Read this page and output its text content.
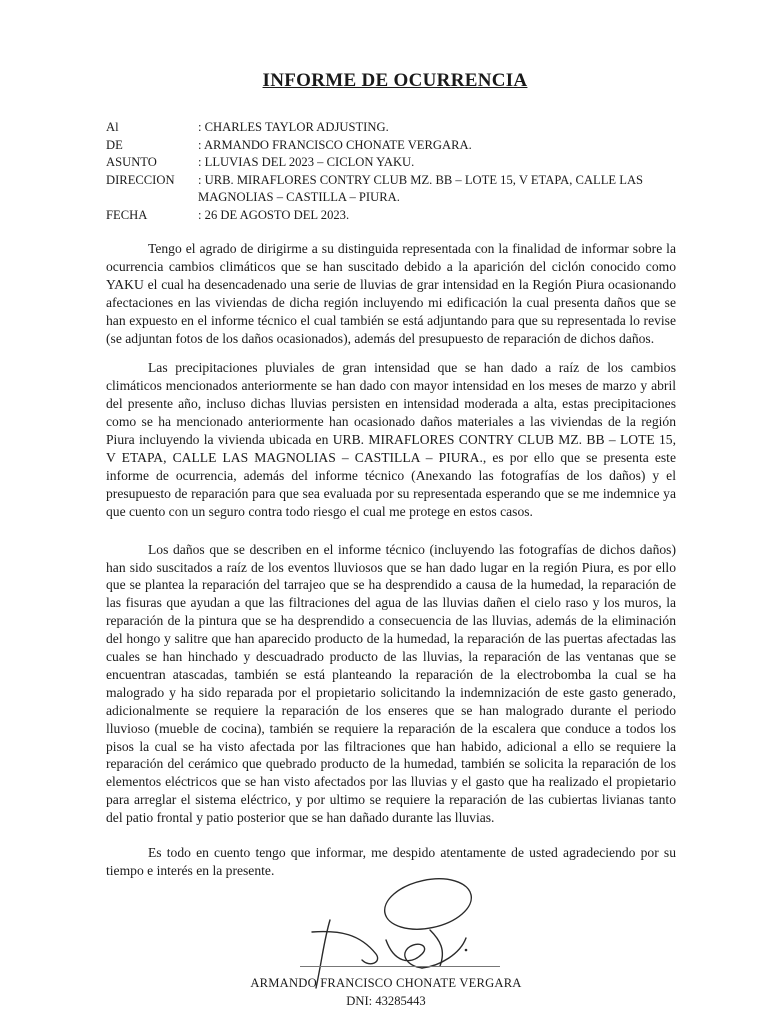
INFORME DE OCURRENCIA
Al	: CHARLES TAYLOR ADJUSTING.
DE	: ARMANDO FRANCISCO CHONATE VERGARA.
ASUNTO	: LLUVIAS DEL 2023 – CICLON YAKU.
DIRECCION	: URB. MIRAFLORES CONTRY CLUB MZ. BB – LOTE 15, V ETAPA, CALLE LAS MAGNOLIAS – CASTILLA – PIURA.
FECHA	: 26 DE AGOSTO DEL 2023.

Tengo el agrado de dirigirme a su distinguida representada con la finalidad de informar sobre la ocurrencia cambios climáticos que se han suscitado debido a la aparición del ciclón conocido como YAKU el cual ha desencadenado una serie de lluvias de grar intensidad en la Región Piura ocasionando afectaciones en las viviendas de dicha región incluyendo mi edificación la cual presenta daños que se han expuesto en el informe técnico el cual también se está adjuntando para que su representada lo revise (se adjuntan fotos de los daños ocasionados), además del presupuesto de reparación de dichos daños.

Las precipitaciones pluviales de gran intensidad que se han dado a raíz de los cambios climáticos mencionados anteriormente se han dado con mayor intensidad en los meses de marzo y abril del presente año, incluso dichas lluvias persisten en intensidad moderada a alta, estas precipitaciones como se ha mencionado anteriormente han ocasionado daños materiales a las viviendas de la región Piura incluyendo la vivienda ubicada en URB. MIRAFLORES CONTRY CLUB MZ. BB – LOTE 15, V ETAPA, CALLE LAS MAGNOLIAS – CASTILLA – PIURA., es por ello que se presenta este informe de ocurrencia, además del informe técnico (Anexando las fotografías de los daños) y el presupuesto de reparación para que sea evaluada por su representada esperando que se me indemnice ya que cuento con un seguro contra todo riesgo el cual me protege en estos casos.

Los daños que se describen en el informe técnico (incluyendo las fotografías de dichos daños) han sido suscitados a raíz de los eventos lluviosos que se han dado lugar en la región Piura, es por ello que se plantea la reparación del tarrajeo que se ha desprendido a causa de la humedad, la reparación de las fisuras que ayudan a que las filtraciones del agua de las lluvias dañen el cielo raso y los muros, la reparación de la pintura que se ha desprendido a consecuencia de las lluvias, además de la eliminación del hongo y salitre que han aparecido producto de la humedad, la reparación de las puertas afectadas las cuales se han hinchado y descuadrado producto de las lluvias, la reparación de las ventanas que se encuentran atascadas, también se está planteando la reparación de la electrobomba la cual se ha malogrado y ha sido reparada por el propietario solicitando la indemnización de este gasto generado, adicionalmente se requiere la reparación de los enseres que se han malogrado durante el periodo lluvioso (mueble de cocina), también se requiere la reparación de la escalera que conduce a todos los pisos la cual se ha visto afectada por las filtraciones que han habido, adicional a ello se requiere la reparación del cerámico que quebrado producto de la humedad, también se solicita la reparación de los elementos eléctricos que se han visto afectados por las lluvias y el gasto que ha realizado el propietario para arreglar el sistema eléctrico, y por ultimo se requiere la reparación de las cubiertas livianas tanto del patio frontal y patio posterior que se han dañado durante las lluvias.

Es todo en cuento tengo que informar, me despido atentamente de usted agradeciendo por su tiempo e interés en la presente.

ARMANDO FRANCISCO CHONATE VERGARA
DNI: 43285443
